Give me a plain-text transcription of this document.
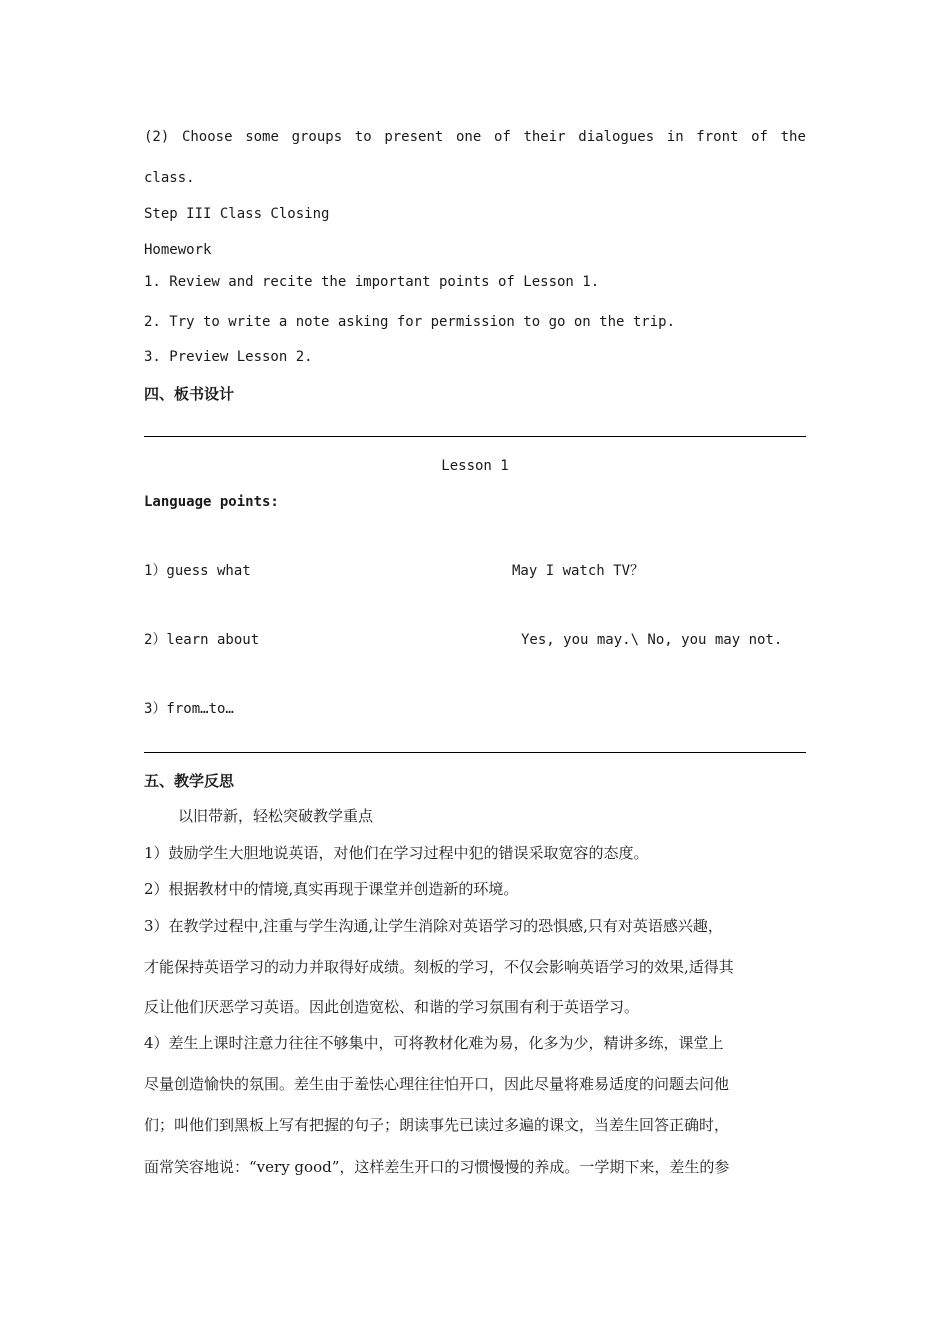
(2) Choose some groups to present one of their dialogues in front of the
class.
Step III Class Closing
Homework
1. Review and recite the important points of Lesson 1.
2. Try to write a note asking for permission to go on the trip.
3. Preview Lesson 2.
四、板书设计
Lesson 1
Language points:
1）guess what	May I watch TV？
2）learn about	Yes, you may.\ No, you may not.
3）from…to…
五、教学反思
以旧带新，轻松突破教学重点
1）鼓励学生大胆地说英语，对他们在学习过程中犯的错误采取宽容的态度。
2）根据教材中的情境,真实再现于课堂并创造新的环境。
3）在教学过程中,注重与学生沟通,让学生消除对英语学习的恐惧感,只有对英语感兴趣，
才能保持英语学习的动力并取得好成绩。刻板的学习，不仅会影响英语学习的效果,适得其
反让他们厌恶学习英语。因此创造宽松、和谐的学习氛围有利于英语学习。
4）差生上课时注意力往往不够集中，可将教材化难为易，化多为少，精讲多练，课堂上
尽量创造愉快的氛围。差生由于羞怯心理往往怕开口，因此尽量将难易适度的问题去问他
们；叫他们到黑板上写有把握的句子；朗读事先已读过多遍的课文，当差生回答正确时，
面常笑容地说：“very good”，这样差生开口的习惯慢慢的养成。一学期下来，差生的参
